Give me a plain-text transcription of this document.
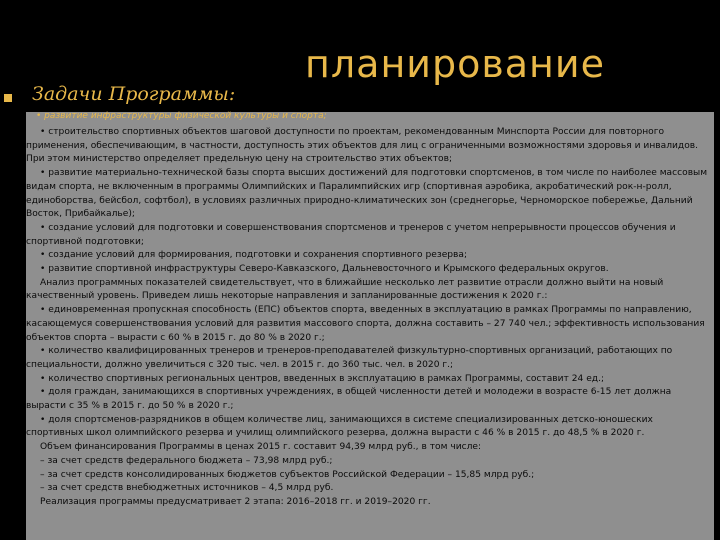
планирование
Задачи Программы:
• развитие инфраструктуры физической культуры и спорта;

• строительство спортивных объектов шаговой доступности по проектам, рекомендованным Минспорта России для повторного применения, обеспечивающим, в частности, доступность этих объектов для лиц с ограниченными возможностями здоровья и инвалидов. При этом министерство определяет предельную цену на строительство этих объектов;

• развитие материально-технической базы спорта высших достижений для подготовки спортсменов, в том числе по наиболее массовым видам спорта, не включенным в программы Олимпийских и Паралимпийских игр (спортивная аэробика, акробатический рок-н-ролл, единоборства, бейсбол, софтбол), в условиях различных природно-климатических зон (среднегорье, Черноморское побережье, Дальний Восток, Прибайкалье);

• создание условий для подготовки и совершенствования спортсменов и тренеров с учетом непрерывности процессов обучения и спортивной подготовки;

• создание условий для формирования, подготовки и сохранения спортивного резерва;

• развитие спортивной инфраструктуры Северо-Кавказского, Дальневосточного и Крымского федеральных округов.

Анализ программных показателей свидетельствует, что в ближайшие несколько лет развитие отрасли должно выйти на новый качественный уровень. Приведем лишь некоторые направления и запланированные достижения к 2020 г.:

• единовременная пропускная способность (ЕПС) объектов спорта, введенных в эксплуатацию в рамках Программы по направлению, касающемуся совершенствования условий для развития массового спорта, должна составить – 27 740 чел.; эффективность использования объектов спорта – вырасти с 60 % в 2015 г. до 80 % в 2020 г.;

• количество квалифицированных тренеров и тренеров-преподавателей физкультурно-спортивных организаций, работающих по специальности, должно увеличиться с 320 тыс. чел. в 2015 г. до 360 тыс. чел. в 2020 г.;

• количество спортивных региональных центров, введенных в эксплуатацию в рамках Программы, составит 24 ед.;

• доля граждан, занимающихся в спортивных учреждениях, в общей численности детей и молодежи в возрасте 6-15 лет должна вырасти с 35 % в 2015 г. до 50 % в 2020 г.;

• доля спортсменов-разрядников в общем количестве лиц, занимающихся в системе специализированных детско-юношеских спортивных школ олимпийского резерва и училищ олимпийского резерва, должна вырасти с 46 % в 2015 г. до 48,5 % в 2020 г.

Объем финансирования Программы в ценах 2015 г. составит 94,39 млрд руб., в том числе:

– за счет средств федерального бюджета – 73,98 млрд руб.;

– за счет средств консолидированных бюджетов субъектов Российской Федерации – 15,85 млрд руб.;

– за счет средств внебюджетных источников – 4,5 млрд руб.

Реализация программы предусматривает 2 этапа: 2016–2018 гг. и 2019–2020 гг.
